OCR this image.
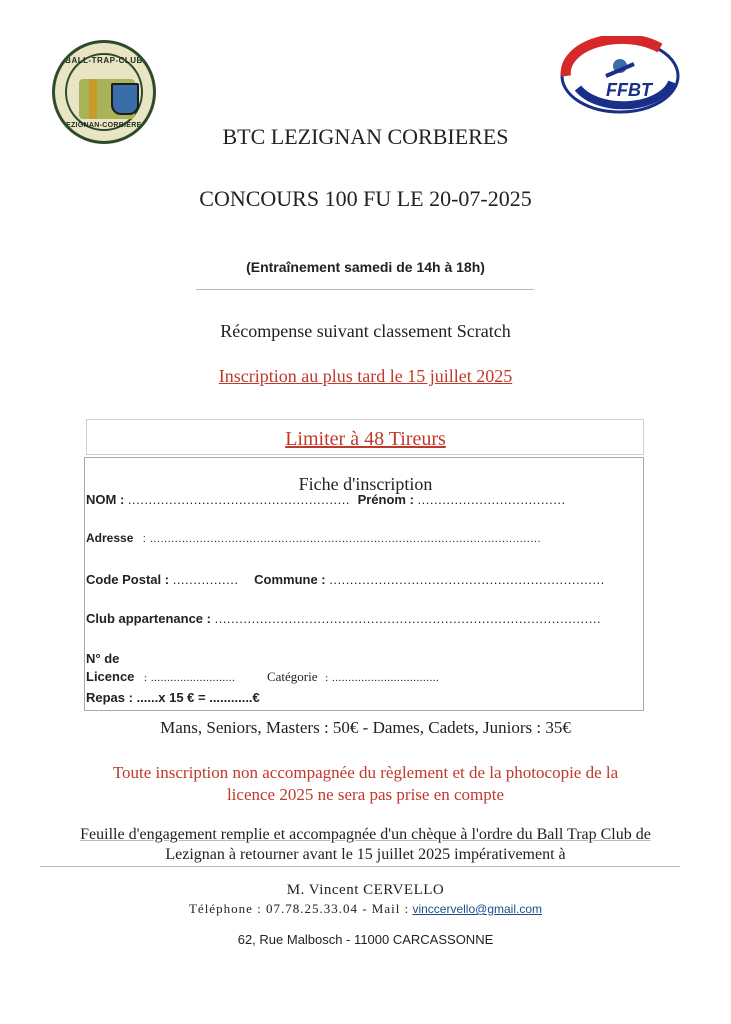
BALL-TRAP-CLUB
LEZIGNAN-CORBIERES
FFBT
BTC LEZIGNAN CORBIERES
CONCOURS 100 FU LE 20-07-2025
(Entraînement samedi de 14h à 18h)
Récompense suivant classement Scratch
Inscription au plus tard le 15 juillet 2025
Limiter à 48 Tireurs
Fiche d'inscription
NOM : ...................................................... Prénom : ....................................
Adresse : ..............................................................................................................
Code Postal : ................ Commune : ...................................................................
Club appartenance : ..............................................................................................
N° de
Licence : .......................... Catégorie : .................................
Repas : ......x 15 € = ............€
Mans, Seniors, Masters : 50€ - Dames, Cadets, Juniors : 35€
Toute inscription non accompagnée du règlement et de la photocopie de la
licence 2025 ne sera pas prise en compte
Feuille d'engagement remplie et accompagnée d'un chèque à l'ordre du Ball Trap Club de
Lezignan à retourner avant le 15 juillet 2025 impérativement à
M. Vincent CERVELLO
Téléphone : 07.78.25.33.04 - Mail : vinccervello@gmail.com
62, Rue Malbosch - 11000 CARCASSONNE
